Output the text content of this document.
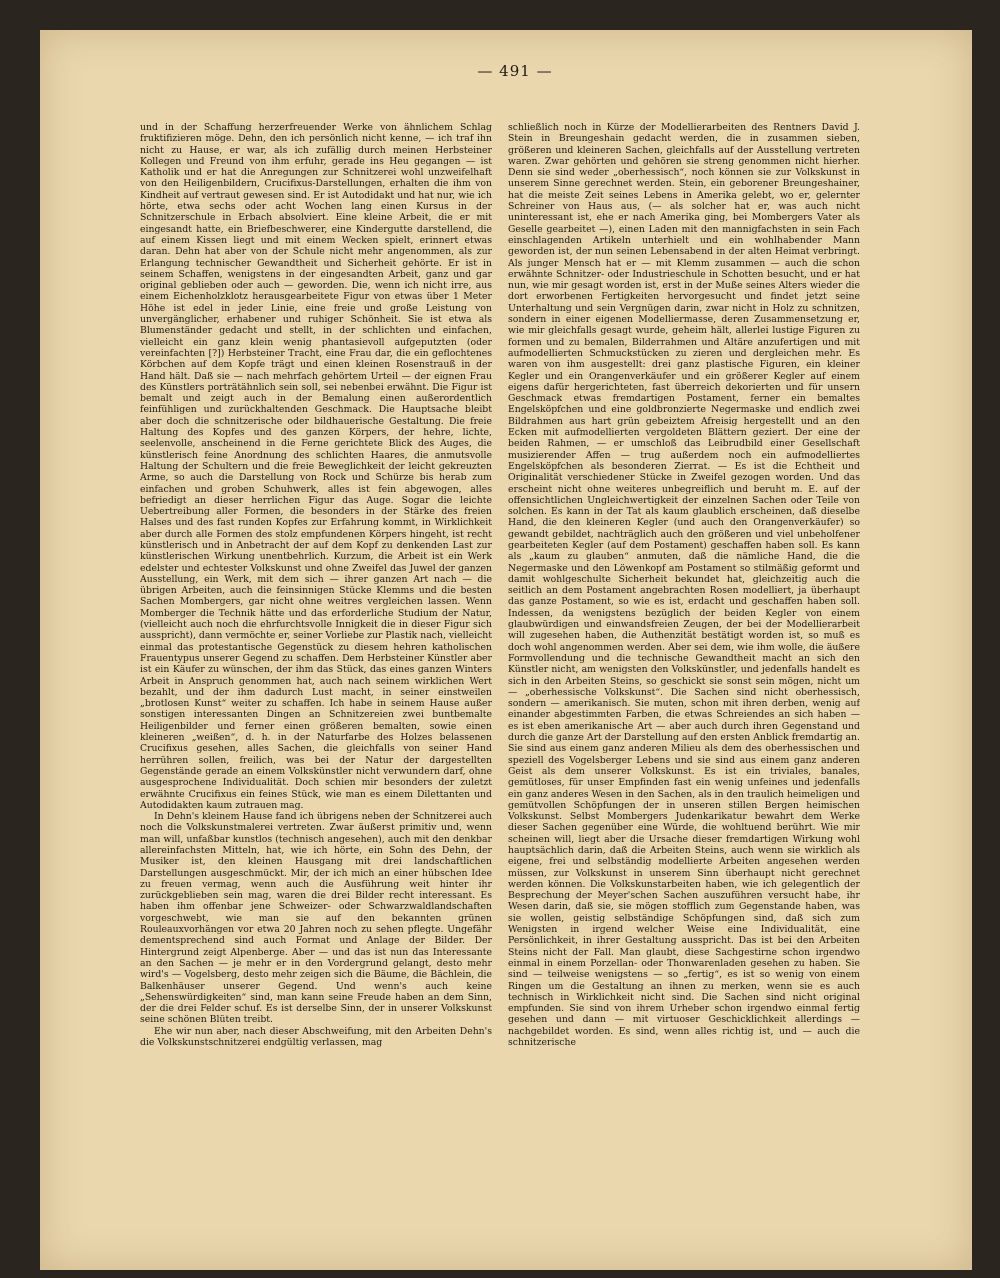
— 491 —

und in der Schaffung herzerfreuender Werke von ähnlichem Schlag fruktifizieren möge. Dehn, den ich persönlich nicht kenne, — ich traf ihn nicht zu Hause, er war, als ich zufällig durch meinen Herbsteiner Kollegen und Freund von ihm erfuhr, gerade ins Heu gegangen — ist Katholik und er hat die Anregungen zur Schnitzerei wohl unzweifelhaft von den Heiligenbildern, Crucifixus-Darstellungen, erhalten die ihm von Kindheit auf vertraut gewesen sind. Er ist Autodidakt und hat nur, wie ich hörte, etwa sechs oder acht Wochen lang einen Kursus in der Schnitzerschule in Erbach absolviert. Eine kleine Arbeit, die er mit eingesandt hatte, ein Briefbeschwerer, eine Kindergutte darstellend, die auf einem Kissen liegt und mit einem Wecken spielt, erinnert etwas daran. Dehn hat aber von der Schule nicht mehr angenommen, als zur Erlangung technischer Gewandtheit und Sicherheit gehörte. Er ist in seinem Schaffen, wenigstens in der eingesandten Arbeit, ganz und gar original geblieben oder auch — geworden. Die, wenn ich nicht irre, aus einem Eichenholzklotz herausgearbeitete Figur von etwas über 1 Meter Höhe ist edel in jeder Linie, eine freie und große Leistung von unvergänglicher, erhabener und ruhiger Schönheit. Sie ist etwa als Blumenständer gedacht und stellt, in der schlichten und einfachen, vielleicht ein ganz klein wenig phantasievoll aufgeputzten (oder vereinfachten [?]) Herbsteiner Tracht, eine Frau dar, die ein geflochtenes Körbchen auf dem Kopfe trägt und einen kleinen Rosenstrauß in der Hand hält. Daß sie — nach mehrfach gehörtem Urteil — der eignen Frau des Künstlers porträtähnlich sein soll, sei nebenbei erwähnt. Die Figur ist bemalt und zeigt auch in der Bemalung einen außerordentlich feinfühligen und zurückhaltenden Geschmack. Die Hauptsache bleibt aber doch die schnitzerische oder bildhauerische Gestaltung. Die freie Haltung des Kopfes und des ganzen Körpers, der hehre, lichte, seelenvolle, anscheinend in die Ferne gerichtete Blick des Auges, die künstlerisch feine Anordnung des schlichten Haares, die anmutsvolle Haltung der Schultern und die freie Beweglichkeit der leicht gekreuzten Arme, so auch die Darstellung von Rock und Schürze bis herab zum einfachen und groben Schuhwerk, alles ist fein abgewogen, alles befriedigt an dieser herrlichen Figur das Auge. Sogar die leichte Uebertreibung aller Formen, die besonders in der Stärke des freien Halses und des fast runden Kopfes zur Erfahrung kommt, in Wirklichkeit aber durch alle Formen des stolz empfundenen Körpers hingeht, ist recht künstlerisch und in Anbetracht der auf dem Kopf zu denkenden Last zur künstlerischen Wirkung unentbehrlich. Kurzum, die Arbeit ist ein Werk edelster und echtester Volkskunst und ohne Zweifel das Juwel der ganzen Ausstellung, ein Werk, mit dem sich — ihrer ganzen Art nach — die übrigen Arbeiten, auch die feinsinnigen Stücke Klemms und die besten Sachen Mombergers, gar nicht ohne weitres vergleichen lassen. Wenn Momberger die Technik hätte und das erforderliche Studium der Natur, (vielleicht auch noch die ehrfurchtsvolle Innigkeit die in dieser Figur sich ausspricht), dann vermöchte er, seiner Vorliebe zur Plastik nach, vielleicht einmal das protestantische Gegenstück zu diesem hehren katholischen Frauentypus unserer Gegend zu schaffen. Dem Herbsteiner Künstler aber ist ein Käufer zu wünschen, der ihm das Stück, das eines ganzen Winters Arbeit in Anspruch genommen hat, auch nach seinem wirklichen Wert bezahlt, und der ihm dadurch Lust macht, in seiner einstweilen „brotlosen Kunst“ weiter zu schaffen. Ich habe in seinem Hause außer sonstigen interessanten Dingen an Schnitzereien zwei buntbemalte Heiligenbilder und ferner einen größeren bemalten, sowie einen kleineren „weißen“, d. h. in der Naturfarbe des Holzes belassenen Crucifixus gesehen, alles Sachen, die gleichfalls von seiner Hand herrühren sollen, freilich, was bei der Natur der dargestellten Gegenstände gerade an einem Volkskünstler nicht verwundern darf, ohne ausgesprochene Individualität. Doch schien mir besonders der zuletzt erwähnte Crucifixus ein feines Stück, wie man es einem Dilettanten und Autodidakten kaum zutrauen mag.

In Dehn's kleinem Hause fand ich übrigens neben der Schnitzerei auch noch die Volkskunstmalerei vertreten. Zwar äußerst primitiv und, wenn man will, unfaßbar kunstlos (technisch angesehen), auch mit den denkbar allereinfachsten Mitteln, hat, wie ich hörte, ein Sohn des Dehn, der Musiker ist, den kleinen Hausgang mit drei landschaftlichen Darstellungen ausgeschmückt. Mir, der ich mich an einer hübschen Idee zu freuen vermag, wenn auch die Ausführung weit hinter ihr zurückgeblieben sein mag, waren die drei Bilder recht interessant. Es haben ihm offenbar jene Schweizer- oder Schwarzwaldlandschaften vorgeschwebt, wie man sie auf den bekannten grünen Rouleauxvorhängen vor etwa 20 Jahren noch zu sehen pflegte. Ungefähr dementsprechend sind auch Format und Anlage der Bilder. Der Hintergrund zeigt Alpenberge. Aber — und das ist nun das Interessante an den Sachen — je mehr er in den Vordergrund gelangt, desto mehr wird's — Vogelsberg, desto mehr zeigen sich die Bäume, die Bächlein, die Balkenhäuser unserer Gegend. Und wenn's auch keine „Sehenswürdigkeiten“ sind, man kann seine Freude haben an dem Sinn, der die drei Felder schuf. Es ist derselbe Sinn, der in unserer Volkskunst seine schönen Blüten treibt.

Ehe wir nun aber, nach dieser Abschweifung, mit den Arbeiten Dehn's die Volkskunstschnitzerei endgültig verlassen, mag

schließlich noch in Kürze der Modellierarbeiten des Rentners David J. Stein in Breungeshain gedacht werden, die in zusammen sieben, größeren und kleineren Sachen, gleichfalls auf der Ausstellung vertreten waren. Zwar gehörten und gehören sie streng genommen nicht hierher. Denn sie sind weder „oberhessisch“, noch können sie zur Volkskunst in unserem Sinne gerechnet werden. Stein, ein geborener Breungeshainer, hat die meiste Zeit seines Lebens in Amerika gelebt, wo er, gelernter Schreiner von Haus aus, (— als solcher hat er, was auch nicht uninteressant ist, ehe er nach Amerika ging, bei Mombergers Vater als Geselle gearbeitet —), einen Laden mit den mannigfachsten in sein Fach einschlagenden Artikeln unterhielt und ein wohlhabender Mann geworden ist, der nun seinen Lebensabend in der alten Heimat verbringt. Als junger Mensch hat er — mit Klemm zusammen — auch die schon erwähnte Schnitzer- oder Industrieschule in Schotten besucht, und er hat nun, wie mir gesagt worden ist, erst in der Muße seines Alters wieder die dort erworbenen Fertigkeiten hervorgesucht und findet jetzt seine Unterhaltung und sein Vergnügen darin, zwar nicht in Holz zu schnitzen, sondern in einer eigenen Modelliermasse, deren Zusammensetzung er, wie mir gleichfalls gesagt wurde, geheim hält, allerlei lustige Figuren zu formen und zu bemalen, Bilderrahmen und Altäre anzufertigen und mit aufmodellierten Schmuckstücken zu zieren und dergleichen mehr. Es waren von ihm ausgestellt: drei ganz plastische Figuren, ein kleiner Kegler und ein Orangenverkäufer und ein größerer Kegler auf einem eigens dafür hergerichteten, fast überreich dekorierten und für unsern Geschmack etwas fremdartigen Postament, ferner ein bemaltes Engelsköpfchen und eine goldbronzierte Negermaske und endlich zwei Bildrahmen aus hart grün gebeiztem Afreisig hergestellt und an den Ecken mit aufmodellierten vergoldeten Blättern geziert. Der eine der beiden Rahmen, — er umschloß das Leibrudbild einer Gesellschaft musizierender Affen — trug außerdem noch ein aufmodelliertes Engelsköpfchen als besonderen Zierrat. — Es ist die Echtheit und Originalität verschiedener Stücke in Zweifel gezogen worden. Und das erscheint nicht ohne weiteres unbegreiflich und beruht m. E. auf der offensichtlichen Ungleichwertigkeit der einzelnen Sachen oder Teile von solchen. Es kann in der Tat als kaum glaublich erscheinen, daß dieselbe Hand, die den kleineren Kegler (und auch den Orangenverkäufer) so gewandt gebildet, nachträglich auch den größeren und viel unbeholfener gearbeiteten Kegler (auf dem Postament) geschaffen haben soll. Es kann als „kaum zu glauben“ anmuten, daß die nämliche Hand, die die Negermaske und den Löwenkopf am Postament so stilmäßig geformt und damit wohlgeschulte Sicherheit bekundet hat, gleichzeitig auch die seitlich an dem Postament angebrachten Rosen modelliert, ja überhaupt das ganze Postament, so wie es ist, erdacht und geschaffen haben soll. Indessen, da wenigstens bezüglich der beiden Kegler von einem glaubwürdigen und einwandsfreien Zeugen, der bei der Modellierarbeit will zugesehen haben, die Authenzität bestätigt worden ist, so muß es doch wohl angenommen werden. Aber sei dem, wie ihm wolle, die äußere Formvollendung und die technische Gewandtheit macht an sich den Künstler nicht, am wenigsten den Volkskünstler, und jedenfalls handelt es sich in den Arbeiten Steins, so geschickt sie sonst sein mögen, nicht um — „oberhessische Volkskunst“. Die Sachen sind nicht oberhessisch, sondern — amerikanisch. Sie muten, schon mit ihren derben, wenig auf einander abgestimmten Farben, die etwas Schreiendes an sich haben — es ist eben amerikanische Art — aber auch durch ihren Gegenstand und durch die ganze Art der Darstellung auf den ersten Anblick fremdartig an. Sie sind aus einem ganz anderen Milieu als dem des oberhessischen und speziell des Vogelsberger Lebens und sie sind aus einem ganz anderen Geist als dem unserer Volkskunst. Es ist ein triviales, banales, gemütloses, für unser Empfinden fast ein wenig unfeines und jedenfalls ein ganz anderes Wesen in den Sachen, als in den traulich heimeligen und gemütvollen Schöpfungen der in unseren stillen Bergen heimischen Volkskunst. Selbst Mombergers Judenkarikatur bewahrt dem Werke dieser Sachen gegenüber eine Würde, die wohltuend berührt. Wie mir scheinen will, liegt aber die Ursache dieser fremdartigen Wirkung wohl hauptsächlich darin, daß die Arbeiten Steins, auch wenn sie wirklich als eigene, frei und selbständig modellierte Arbeiten angesehen werden müssen, zur Volkskunst in unserem Sinn überhaupt nicht gerechnet werden können. Die Volkskunstarbeiten haben, wie ich gelegentlich der Besprechung der Meyer'schen Sachen auszuführen versucht habe, ihr Wesen darin, daß sie, sie mögen stofflich zum Gegenstande haben, was sie wollen, geistig selbständige Schöpfungen sind, daß sich zum Wenigsten in irgend welcher Weise eine Individualität, eine Persönlichkeit, in ihrer Gestaltung ausspricht. Das ist bei den Arbeiten Steins nicht der Fall. Man glaubt, diese Sachgestirne schon irgendwo einmal in einem Porzellan- oder Thonwarenladen gesehen zu haben. Sie sind — teilweise wenigstens — so „fertig“, es ist so wenig von einem Ringen um die Gestaltung an ihnen zu merken, wenn sie es auch technisch in Wirklichkeit nicht sind. Die Sachen sind nicht original empfunden. Sie sind von ihrem Urheber schon irgendwo einmal fertig gesehen und dann — mit virtuoser Geschicklichkeit allerdings — nachgebildet worden. Es sind, wenn alles richtig ist, und — auch die schnitzerische
